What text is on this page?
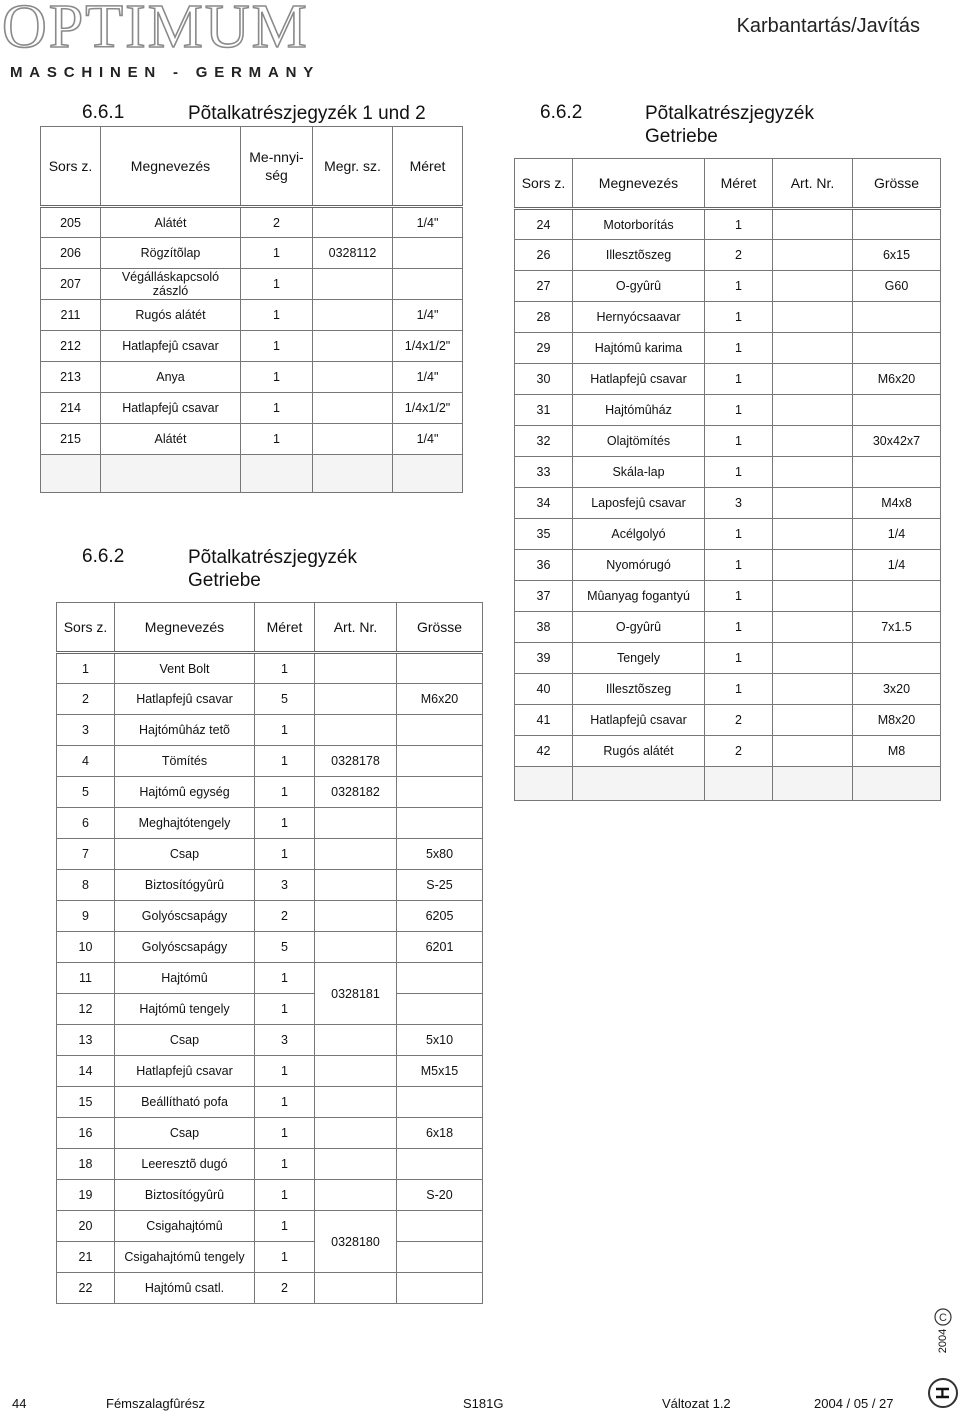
OPTIMUM
MASCHINEN - GERMANY
Karbantartás/Javítás
6.6.1	Põtalkatrészjegyzék 1 und 2
Sors z.	Megnevezés	Me-nnyi-ség	Megr. sz.	Méret
205	Alátét	2		1/4"
206	Rögzítõlap	1	0328112	
207	Végálláskapcsoló zászló	1		
211	Rugós alátét	1		1/4"
212	Hatlapfejû csavar	1		1/4x1/2"
213	Anya	1		1/4"
214	Hatlapfejû csavar	1		1/4x1/2"
215	Alátét	1		1/4"

6.6.2	Põtalkatrészjegyzék Getriebe
Sors z.	Megnevezés	Méret	Art. Nr.	Grösse
1	Vent Bolt	1		
2	Hatlapfejû csavar	5		M6x20
3	Hajtómûház tetõ	1		
4	Tömítés	1	0328178	
5	Hajtómû egység	1	0328182	
6	Meghajtótengely	1		
7	Csap	1		5x80
8	Biztosítógyûrû	3		S-25
9	Golyóscsapágy	2		6205
10	Golyóscsapágy	5		6201
11	Hajtómû	1	0328181	
12	Hajtómû tengely	1		
13	Csap	3		5x10
14	Hatlapfejû csavar	1		M5x15
15	Beállítható pofa	1		
16	Csap	1		6x18
18	Leeresztõ dugó	1		
19	Biztosítógyûrû	1		S-20
20	Csigahajtómû	1	0328180	
21	Csigahajtómû tengely	1		
22	Hajtómû csatl.	2		
6.6.2	Põtalkatrészjegyzék Getriebe
Sors z.	Megnevezés	Méret	Art. Nr.	Grösse
24	Motorborítás	1		
26	Illesztõszeg	2		6x15
27	O-gyûrû	1		G60
28	Hernyócsaavar	1		
29	Hajtómû karima	1		
30	Hatlapfejû csavar	1		M6x20
31	Hajtómûház	1		
32	Olajtömítés	1		30x42x7
33	Skála-lap	1		
34	Laposfejû csavar	3		M4x8
35	Acélgolyó	1		1/4
36	Nyomórugó	1		1/4
37	Mûanyag fogantyú	1		
38	O-gyûrû	1		7x1.5
39	Tengely	1		
40	Illesztõszeg	1		3x20
41	Hatlapfejû csavar	2		M8x20
42	Rugós alátét	2		M8

C
2004
44	Fémszalagfûrész	S181G	Változat 1.2	2004 / 05 / 27
H
